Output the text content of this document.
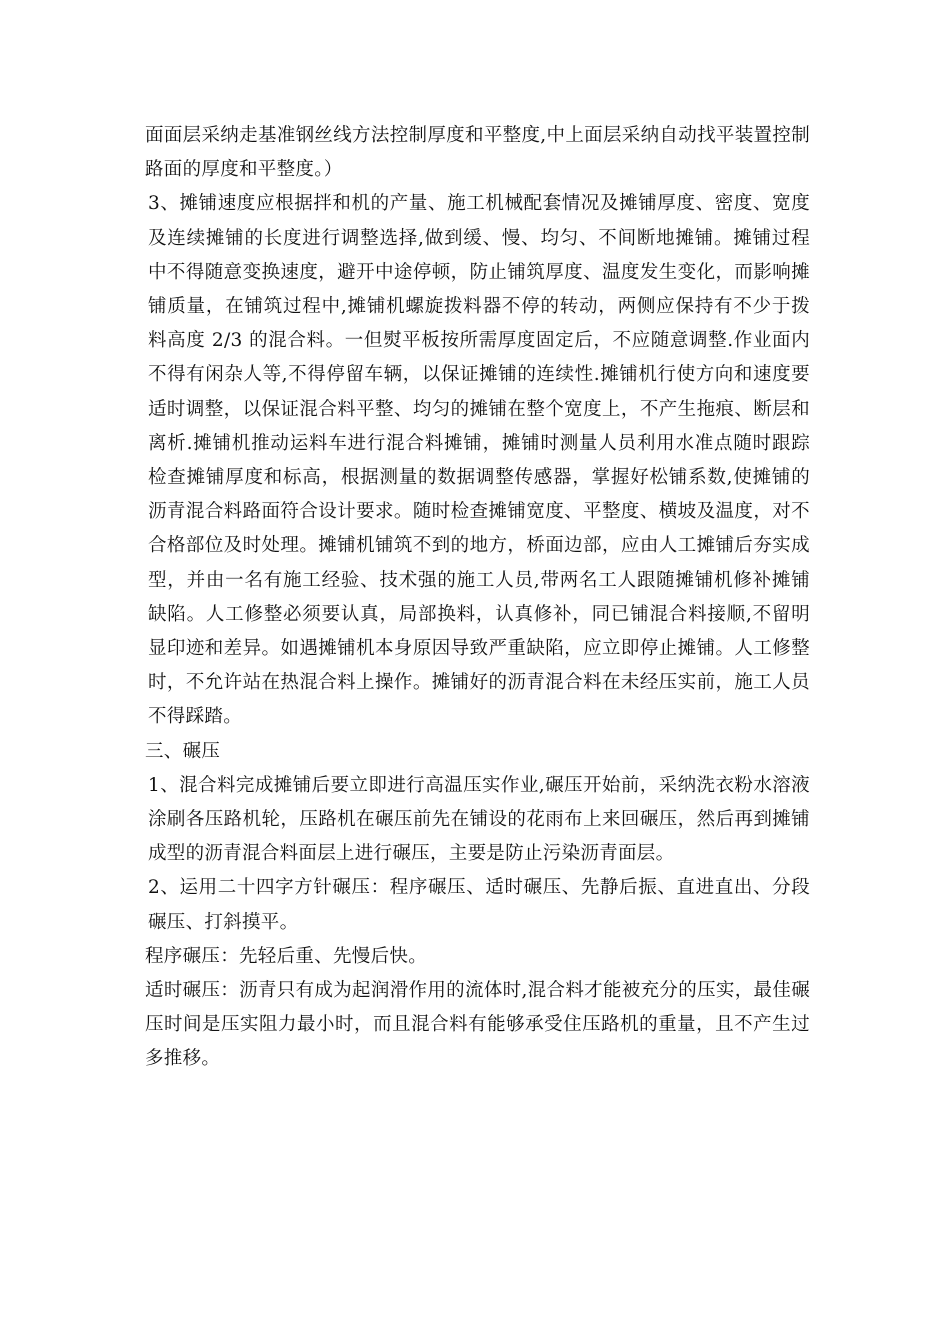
面面层采纳走基准钢丝线方法控制厚度和平整度,中上面层采纳自动找平装置控制路面的厚度和平整度。）

3、摊铺速度应根据拌和机的产量、施工机械配套情况及摊铺厚度、密度、宽度及连续摊铺的长度进行调整选择,做到缓、慢、均匀、不间断地摊铺。摊铺过程中不得随意变换速度，避开中途停顿，防止铺筑厚度、温度发生变化，而影响摊铺质量，在铺筑过程中,摊铺机螺旋拨料器不停的转动，两侧应保持有不少于拨料高度 2/3 的混合料。一但熨平板按所需厚度固定后，不应随意调整.作业面内不得有闲杂人等,不得停留车辆，以保证摊铺的连续性.摊铺机行使方向和速度要适时调整，以保证混合料平整、均匀的摊铺在整个宽度上，不产生拖痕、断层和离析.摊铺机推动运料车进行混合料摊铺，摊铺时测量人员利用水准点随时跟踪检查摊铺厚度和标高，根据测量的数据调整传感器，掌握好松铺系数,使摊铺的沥青混合料路面符合设计要求。随时检查摊铺宽度、平整度、横坡及温度，对不合格部位及时处理。摊铺机铺筑不到的地方，桥面边部，应由人工摊铺后夯实成型，并由一名有施工经验、技术强的施工人员,带两名工人跟随摊铺机修补摊铺缺陷。人工修整必须要认真，局部换料，认真修补，同已铺混合料接顺,不留明显印迹和差异。如遇摊铺机本身原因导致严重缺陷，应立即停止摊铺。人工修整时，不允许站在热混合料上操作。摊铺好的沥青混合料在未经压实前，施工人员不得踩踏。

三、碾压

1、混合料完成摊铺后要立即进行高温压实作业,碾压开始前，采纳洗衣粉水溶液涂刷各压路机轮，压路机在碾压前先在铺设的花雨布上来回碾压，然后再到摊铺成型的沥青混合料面层上进行碾压，主要是防止污染沥青面层。

2、运用二十四字方针碾压：程序碾压、适时碾压、先静后振、直进直出、分段碾压、打斜摸平。

程序碾压：先轻后重、先慢后快。

适时碾压：沥青只有成为起润滑作用的流体时,混合料才能被充分的压实，最佳碾压时间是压实阻力最小时，而且混合料有能够承受住压路机的重量，且不产生过多推移。
